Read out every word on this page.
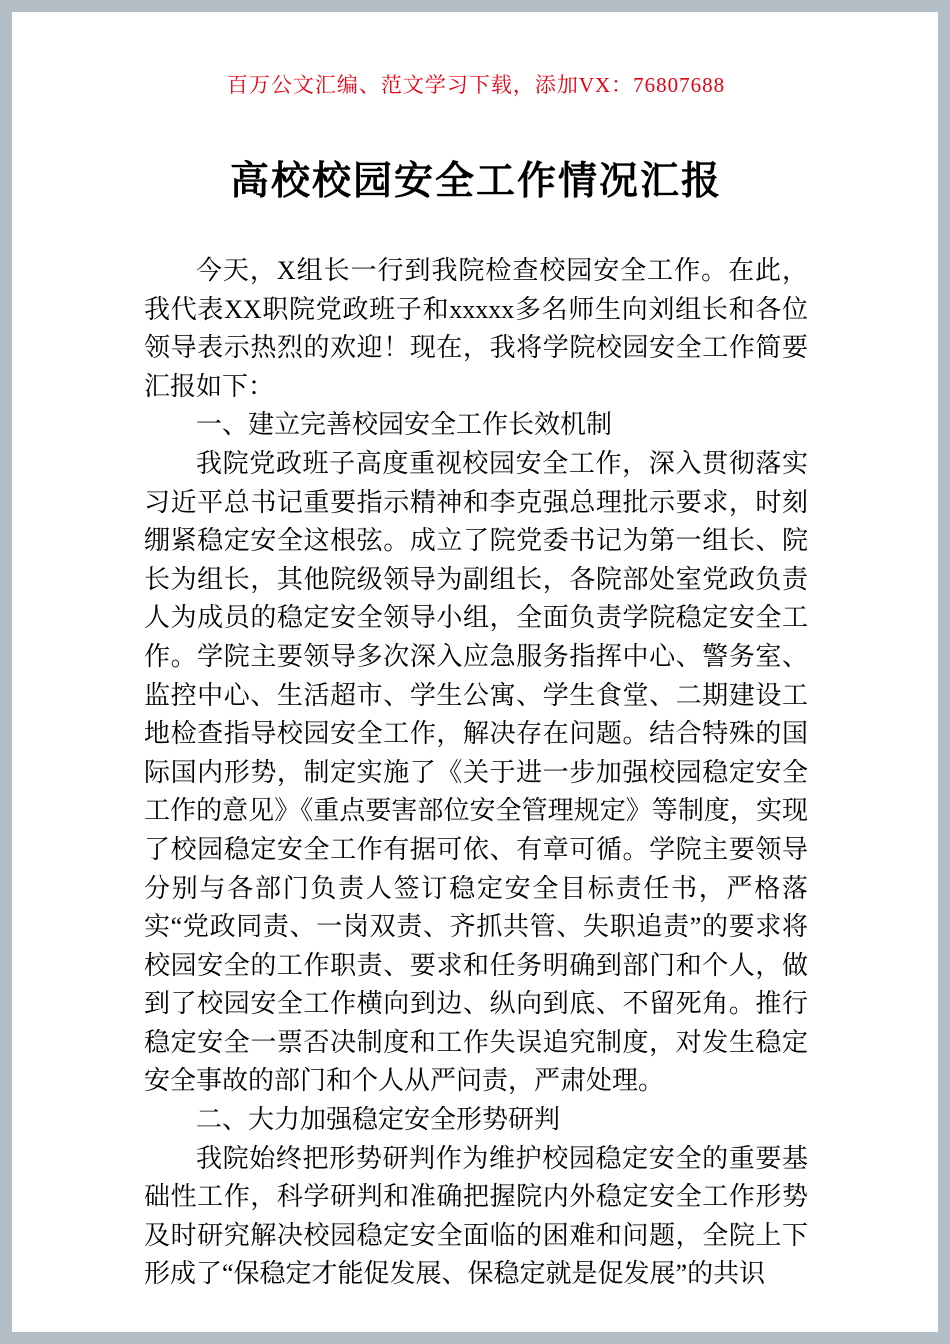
百万公文汇编、范文学习下载，添加VX：76807688
高校校园安全工作情况汇报

今天，X组长一行到我院检查校园安全工作。在此，我代表XX职院党政班子和xxxxx多名师生向刘组长和各位领导表示热烈的欢迎！现在，我将学院校园安全工作简要汇报如下：

一、建立完善校园安全工作长效机制

我院党政班子高度重视校园安全工作，深入贯彻落实习近平总书记重要指示精神和李克强总理批示要求，时刻绷紧稳定安全这根弦。成立了院党委书记为第一组长、院长为组长，其他院级领导为副组长，各院部处室党政负责人为成员的稳定安全领导小组，全面负责学院稳定安全工作。学院主要领导多次深入应急服务指挥中心、警务室、监控中心、生活超市、学生公寓、学生食堂、二期建设工地检查指导校园安全工作，解决存在问题。结合特殊的国际国内形势，制定实施了《关于进一步加强校园稳定安全工作的意见》《重点要害部位安全管理规定》等制度，实现了校园稳定安全工作有据可依、有章可循。学院主要领导分别与各部门负责人签订稳定安全目标责任书，严格落实“党政同责、一岗双责、齐抓共管、失职追责”的要求将校园安全的工作职责、要求和任务明确到部门和个人，做到了校园安全工作横向到边、纵向到底、不留死角。推行稳定安全一票否决制度和工作失误追究制度，对发生稳定安全事故的部门和个人从严问责，严肃处理。

二、大力加强稳定安全形势研判

我院始终把形势研判作为维护校园稳定安全的重要基础性工作，科学研判和准确把握院内外稳定安全工作形势及时研究解决校园稳定安全面临的困难和问题，全院上下形成了“保稳定才能促发展、保稳定就是促发展”的共识
